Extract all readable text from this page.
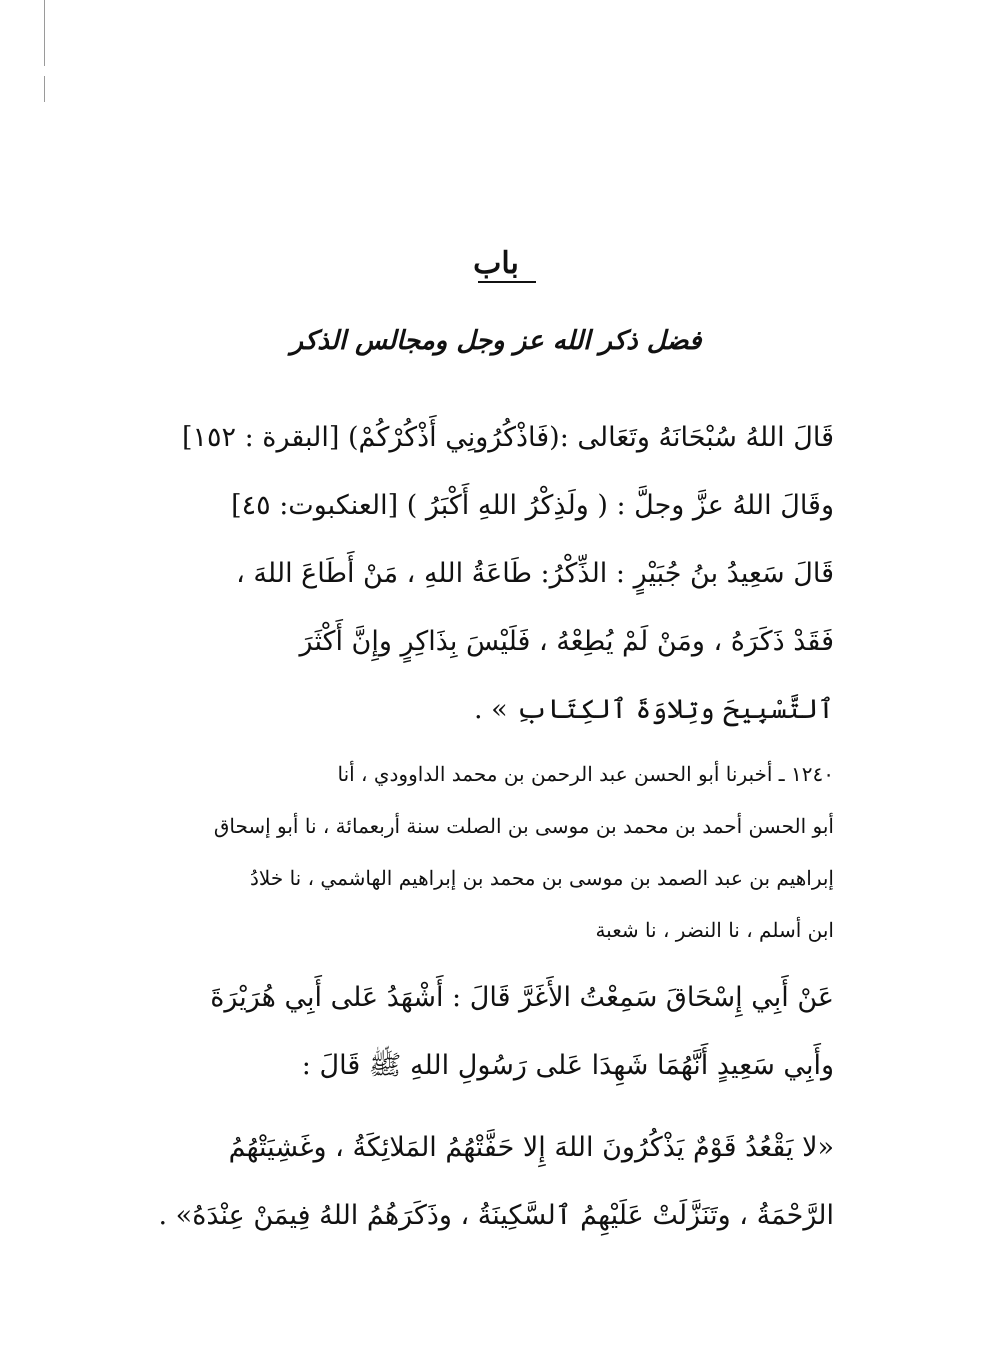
باب
فضل ذكر الله عز وجل ومجالس الذكر
قَالَ اللهُ سُبْحَانَهُ وتَعَالى :(فَاذْكُرُونِي أَذْكُرْكُمْ) [البقرة : ١٥٢]
وقَالَ اللهُ عزَّ وجلَّ : ( ولَذِكْرُ اللهِ أَكْبَرُ ) [العنكبوت: ٤٥]
قَالَ سَعِيدُ بنُ جُبَيْرٍ : الذِّكْرُ: طَاعَةُ اللهِ ، مَنْ أَطَاعَ اللهَ ،
فَقَدْ ذَكَرَهُ ، ومَنْ لَمْ يُطِعْهُ ، فَلَيْسَ بِذَاكِرٍ وإِنَّ أَكْثَرَ
ٱلتَّسْبِيحَ وتِلاوَةَ ٱلكِتَابِ » .
١٢٤٠ ـ أخبرنا أبو الحسن عبد الرحمن بن محمد الداوودي ، أنا
أبو الحسن أحمد بن محمد بن موسى بن الصلت سنة أربعمائة ، نا أبو إسحاق
إبراهيم بن عبد الصمد بن موسى بن محمد بن إبراهيم الهاشمي ، نا خلادُ
ابن أسلم ، نا النضر ، نا شعبة
عَنْ أَبِي إِسْحَاقَ سَمِعْتُ الأَغَرَّ قَالَ : أَشْهَدُ عَلى أَبِي هُرَيْرَةَ
وأَبِي سَعِيدٍ أَنَّهُمَا شَهِدَا عَلى رَسُولِ اللهِ ﷺ قَالَ :
«لا يَقْعُدُ قَوْمٌ يَذْكُرُونَ اللهَ إِلا حَفَّتْهُمُ المَلائِكَةُ ، وغَشِيَتْهُمُ
الرَّحْمَةُ ، وتَنَزَّلَتْ عَلَيْهِمُ ٱلسَّكِينَةُ ، وذَكَرَهُمُ اللهُ فِيمَنْ عِنْدَهُ» .
